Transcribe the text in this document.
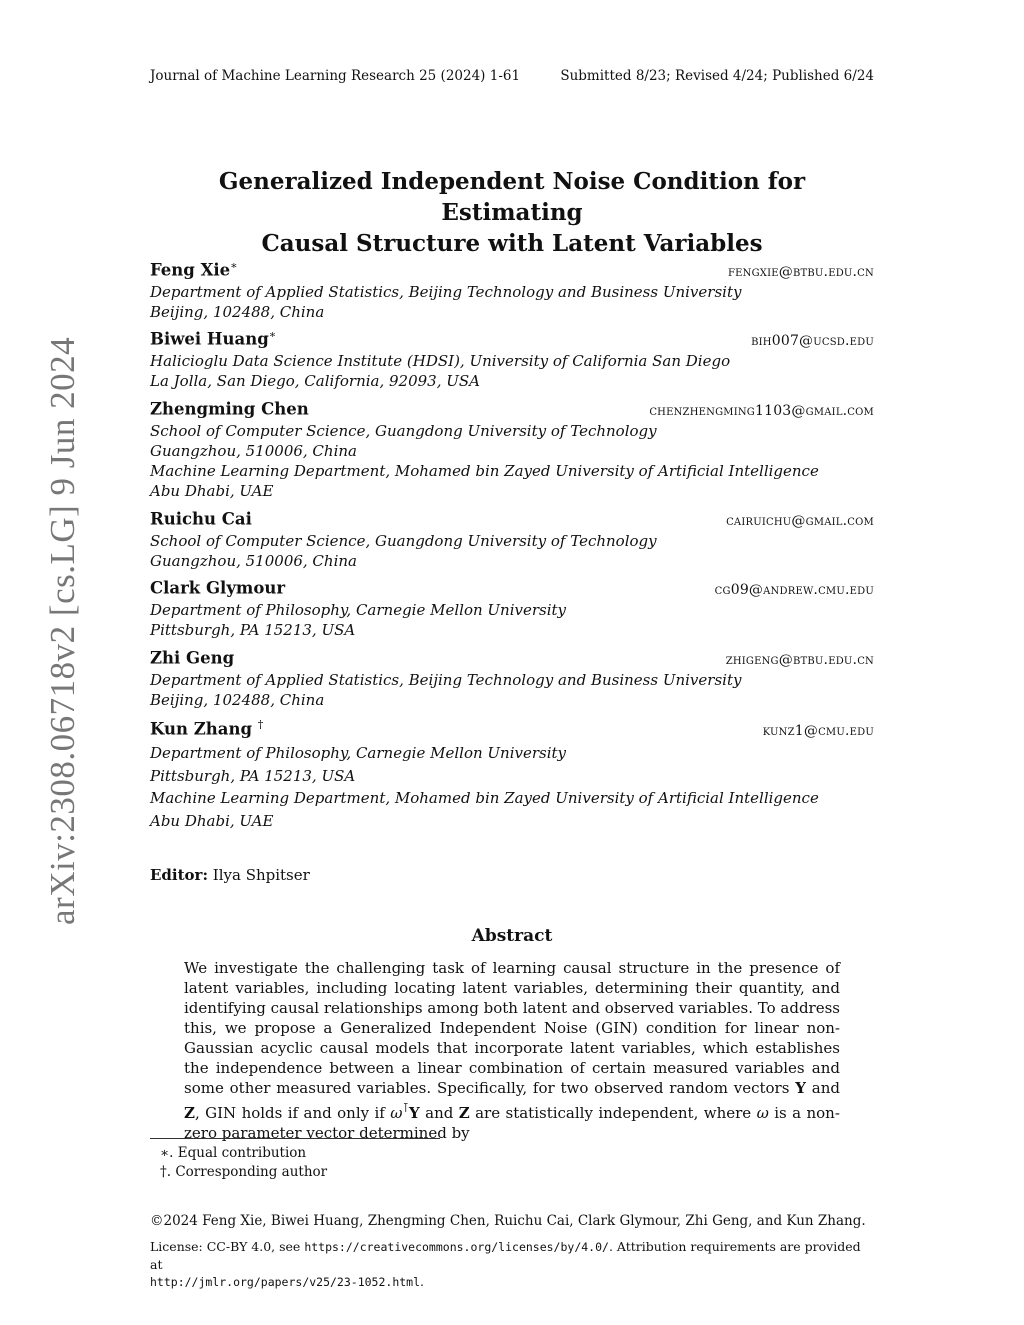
Journal of Machine Learning Research 25 (2024) 1-61	Submitted 8/23; Revised 4/24; Published 6/24
arXiv:2308.06718v2 [cs.LG] 9 Jun 2024
Generalized Independent Noise Condition for Estimating
Causal Structure with Latent Variables
Feng Xie∗	fengxie@btbu.edu.cn
Department of Applied Statistics, Beijing Technology and Business University
Beijing, 102488, China
Biwei Huang∗	bih007@ucsd.edu
Halicioglu Data Science Institute (HDSI), University of California San Diego
La Jolla, San Diego, California, 92093, USA
Zhengming Chen	chenzhengming1103@gmail.com
School of Computer Science, Guangdong University of Technology
Guangzhou, 510006, China
Machine Learning Department, Mohamed bin Zayed University of Artificial Intelligence
Abu Dhabi, UAE
Ruichu Cai	cairuichu@gmail.com
School of Computer Science, Guangdong University of Technology
Guangzhou, 510006, China
Clark Glymour	cg09@andrew.cmu.edu
Department of Philosophy, Carnegie Mellon University
Pittsburgh, PA 15213, USA
Zhi Geng	zhigeng@btbu.edu.cn
Department of Applied Statistics, Beijing Technology and Business University
Beijing, 102488, China
Kun Zhang †	kunz1@cmu.edu
Department of Philosophy, Carnegie Mellon University
Pittsburgh, PA 15213, USA
Machine Learning Department, Mohamed bin Zayed University of Artificial Intelligence
Abu Dhabi, UAE
Editor: Ilya Shpitser
Abstract
We investigate the challenging task of learning causal structure in the presence of latent variables, including locating latent variables, determining their quantity, and identifying causal relationships among both latent and observed variables. To address this, we propose a Generalized Independent Noise (GIN) condition for linear non-Gaussian acyclic causal models that incorporate latent variables, which establishes the independence between a linear combination of certain measured variables and some other measured variables. Specifically, for two observed random vectors Y and Z, GIN holds if and only if ω⊺Y and Z are statistically independent, where ω is a non-zero parameter vector determined by
∗. Equal contribution
†. Corresponding author
©2024 Feng Xie, Biwei Huang, Zhengming Chen, Ruichu Cai, Clark Glymour, Zhi Geng, and Kun Zhang.
License: CC-BY 4.0, see https://creativecommons.org/licenses/by/4.0/. Attribution requirements are provided at
http://jmlr.org/papers/v25/23-1052.html.
